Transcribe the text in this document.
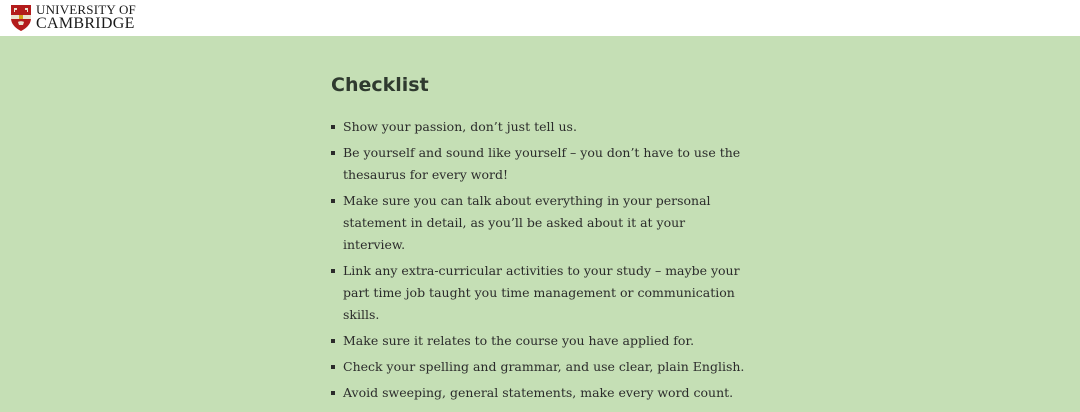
UNIVERSITY OF
CAMBRIDGE
Checklist
Show your passion, don’t just tell us.
Be yourself and sound like yourself – you don’t have to use the thesaurus for every word!
Make sure you can talk about everything in your personal statement in detail, as you’ll be asked about it at your interview.
Link any extra-curricular activities to your study – maybe your part time job taught you time management or communication skills.
Make sure it relates to the course you have applied for.
Check your spelling and grammar, and use clear, plain English.
Avoid sweeping, general statements, make every word count.
